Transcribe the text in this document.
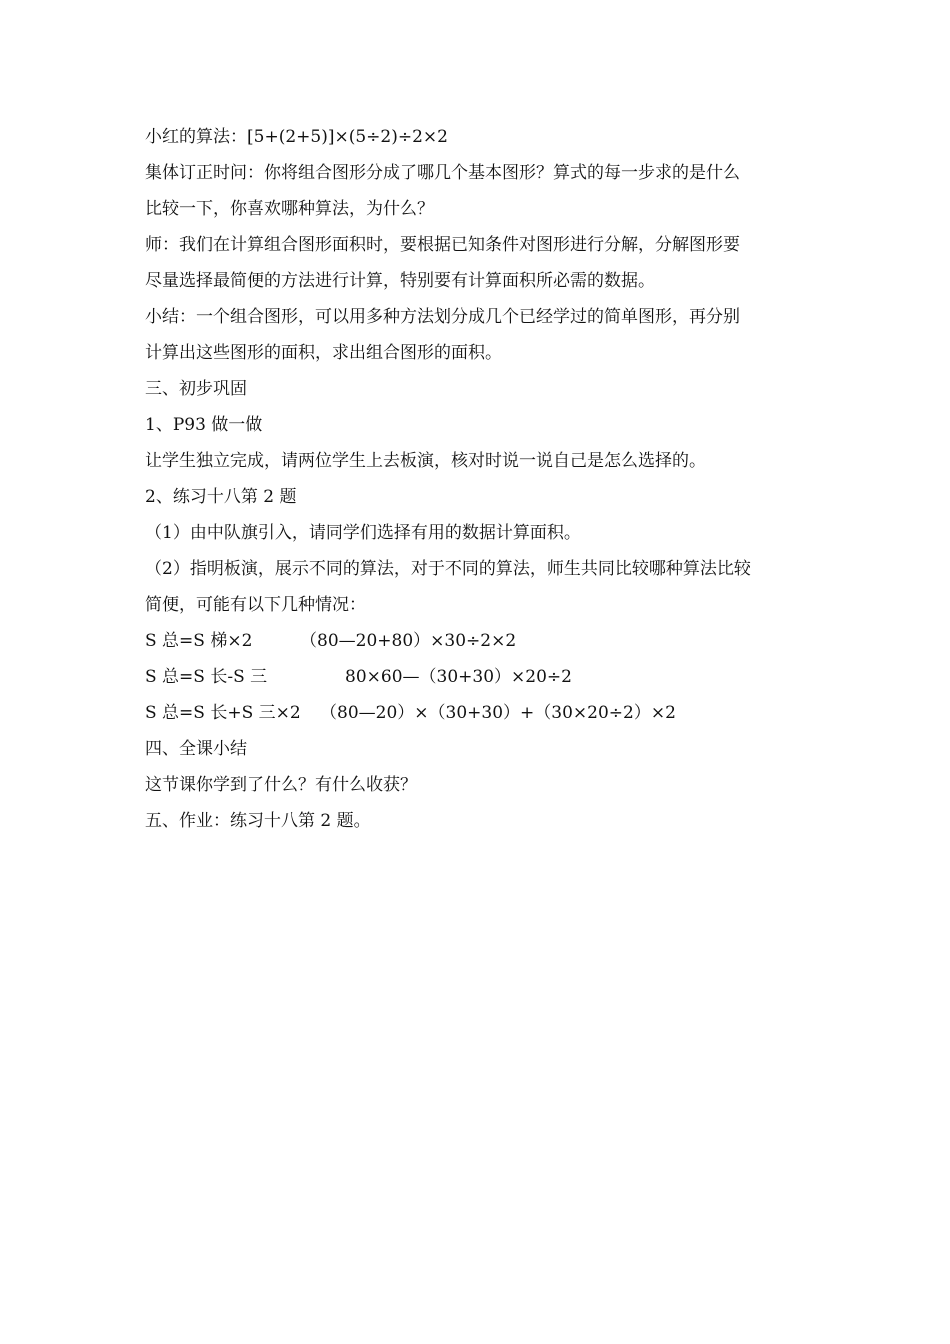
小红的算法：[5+(2+5)]×(5÷2)÷2×2
集体订正时问：你将组合图形分成了哪几个基本图形？算式的每一步求的是什么
比较一下，你喜欢哪种算法，为什么？
师：我们在计算组合图形面积时，要根据已知条件对图形进行分解，分解图形要
尽量选择最简便的方法进行计算，特别要有计算面积所必需的数据。
小结：一个组合图形，可以用多种方法划分成几个已经学过的简单图形，再分别
计算出这些图形的面积，求出组合图形的面积。
三、初步巩固
1、P93 做一做
让学生独立完成，请两位学生上去板演，核对时说一说自己是怎么选择的。
2、练习十八第 2 题
（1）由中队旗引入，请同学们选择有用的数据计算面积。
（2）指明板演，展示不同的算法，对于不同的算法，师生共同比较哪种算法比较
简便，可能有以下几种情况：
S 总=S 梯×2	（80—20+80）×30÷2×2
S 总=S 长-S 三	80×60—（30+30）×20÷2
S 总=S 长+S 三×2 （80—20）×（30+30）+（30×20÷2）×2
四、全课小结
这节课你学到了什么？有什么收获？
五、作业：练习十八第 2 题。
